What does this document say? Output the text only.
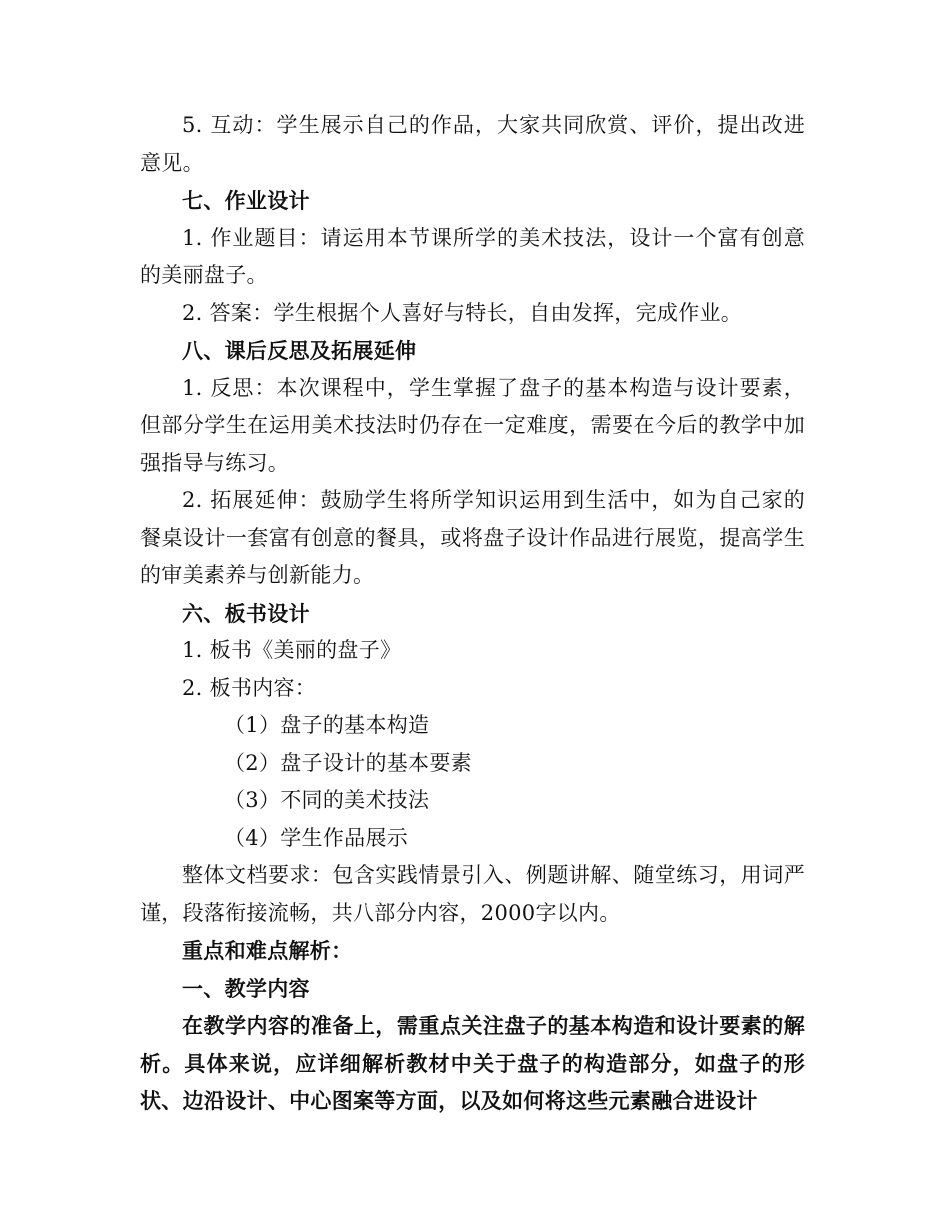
5. 互动：学生展示自己的作品，大家共同欣赏、评价，提出改进意见。

七、作业设计

1. 作业题目：请运用本节课所学的美术技法，设计一个富有创意的美丽盘子。

2. 答案：学生根据个人喜好与特长，自由发挥，完成作业。

八、课后反思及拓展延伸

1. 反思：本次课程中，学生掌握了盘子的基本构造与设计要素，但部分学生在运用美术技法时仍存在一定难度，需要在今后的教学中加强指导与练习。

2. 拓展延伸：鼓励学生将所学知识运用到生活中，如为自己家的餐桌设计一套富有创意的餐具，或将盘子设计作品进行展览，提高学生的审美素养与创新能力。

六、板书设计

1. 板书《美丽的盘子》

2. 板书内容：

（1）盘子的基本构造

（2）盘子设计的基本要素

（3）不同的美术技法

（4）学生作品展示

整体文档要求：包含实践情景引入、例题讲解、随堂练习，用词严谨，段落衔接流畅，共八部分内容，2000字以内。

重点和难点解析：

一、教学内容

在教学内容的准备上，需重点关注盘子的基本构造和设计要素的解析。具体来说，应详细解析教材中关于盘子的构造部分，如盘子的形状、边沿设计、中心图案等方面，以及如何将这些元素融合进设计
